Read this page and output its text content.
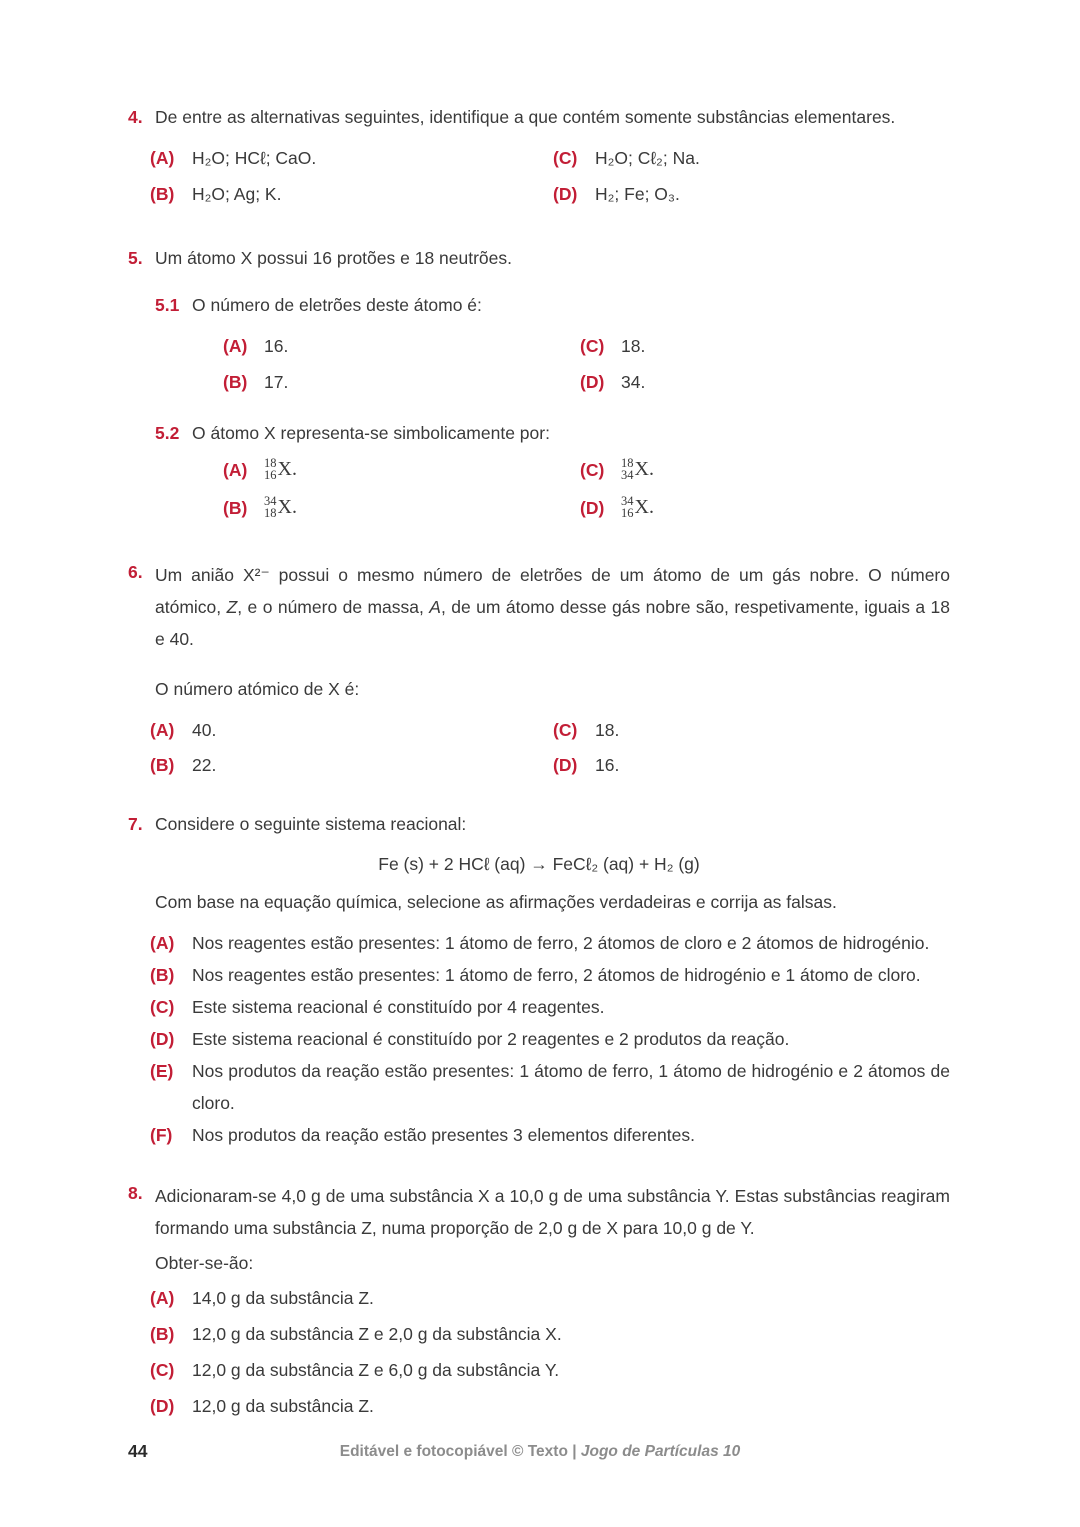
4. De entre as alternativas seguintes, identifique a que contém somente substâncias elementares.
(A)	H₂O; HCℓ; CaO.
(B)	H₂O; Ag; K.
(C)	H₂O; Cℓ₂; Na.
(D)	H₂; Fe; O₃.
5. Um átomo X possui 16 protões e 18 neutrões.
5.1 O número de eletrões deste átomo é:
(A) 16.
(B) 17.
(C) 18.
(D) 34.
5.2 O átomo X representa-se simbolicamente por:
(A)	18
16 X.
(B)	34
18 X.
(C)	18
34 X.
(D)	34
16 X.
6. Um anião X²⁻ possui o mesmo número de eletrões de um átomo de um gás nobre. O número atómico, Z, e o número de massa, A, de um átomo desse gás nobre são, respetivamente, iguais a 18 e 40.

O número atómico de X é:
(A)	40.
(B)	22.
(C)	18.
(D)	16.
7. Considere o seguinte sistema reacional:
Fe (s) + 2 HCℓ (aq) → FeCℓ₂ (aq) + H₂ (g)
Com base na equação química, selecione as afirmações verdadeiras e corrija as falsas.
(A)	Nos reagentes estão presentes: 1 átomo de ferro, 2 átomos de cloro e 2 átomos de hidrogénio.
(B)	Nos reagentes estão presentes: 1 átomo de ferro, 2 átomos de hidrogénio e 1 átomo de cloro.
(C)	Este sistema reacional é constituído por 4 reagentes.
(D)	Este sistema reacional é constituído por 2 reagentes e 2 produtos da reação.
(E)	Nos produtos da reação estão presentes: 1 átomo de ferro, 1 átomo de hidrogénio e 2 átomos de cloro.
(F)	Nos produtos da reação estão presentes 3 elementos diferentes.
8. Adicionaram-se 4,0 g de uma substância X a 10,0 g de uma substância Y. Estas substâncias reagiram formando uma substância Z, numa proporção de 2,0 g de X para 10,0 g de Y.

Obter-se-ão:
(A)	14,0 g da substância Z.
(B)	12,0 g da substância Z e 2,0 g da substância X.
(C)	12,0 g da substância Z e 6,0 g da substância Y.
(D)	12,0 g da substância Z.
44	Editável e fotocopiável © Texto | Jogo de Partículas 10
